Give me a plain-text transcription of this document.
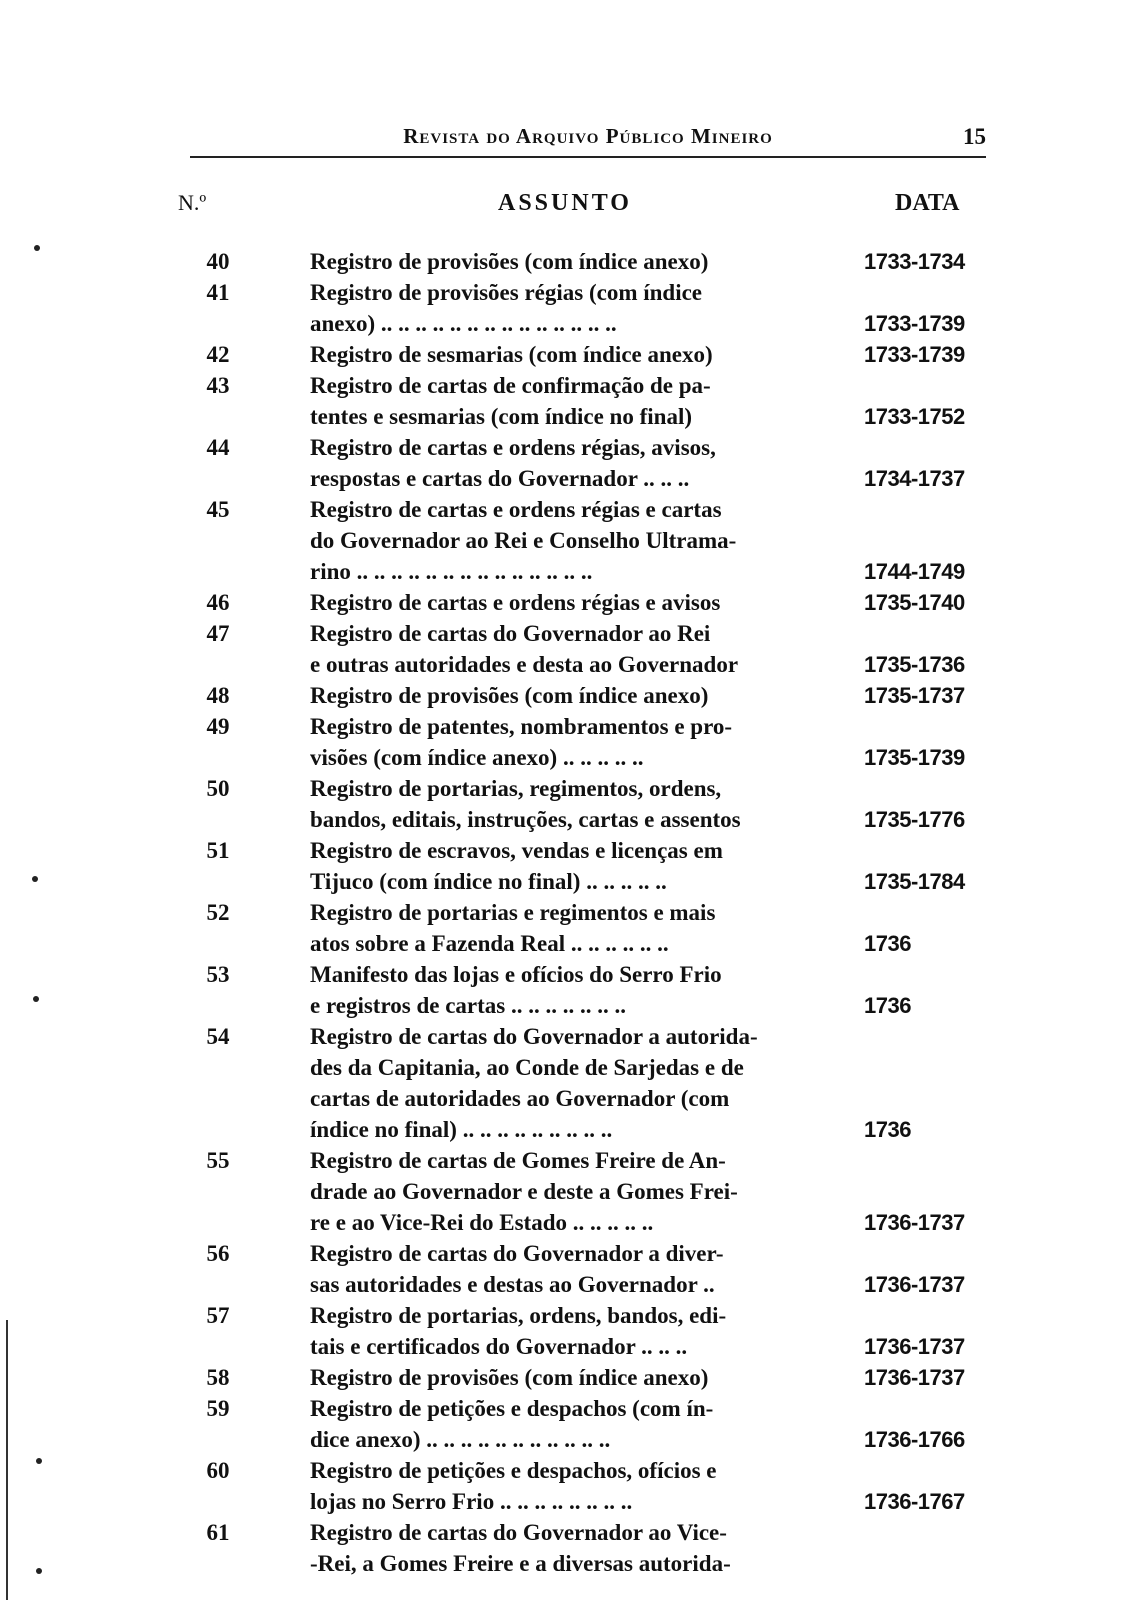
Revista do Arquivo Público Mineiro	15
N.º	ASSUNTO	DATA
40	Registro de provisões (com índice anexo)	1733-1734
41	Registro de provisões régias (com índice
anexo) .. .. .. .. .. .. .. .. .. .. .. .. .. ..	1733-1739
42	Registro de sesmarias (com índice anexo)	1733-1739
43	Registro de cartas de confirmação de pa-
tentes e sesmarias (com índice no final)	1733-1752
44	Registro de cartas e ordens régias, avisos,
respostas e cartas do Governador .. .. ..	1734-1737
45	Registro de cartas e ordens régias e cartas
do Governador ao Rei e Conselho Ultrama-
rino .. .. .. .. .. .. .. .. .. .. .. .. .. ..	1744-1749
46	Registro de cartas e ordens régias e avisos	1735-1740
47	Registro de cartas do Governador ao Rei
e outras autoridades e desta ao Governador	1735-1736
48	Registro de provisões (com índice anexo)	1735-1737
49	Registro de patentes, nombramentos e pro-
visões (com índice anexo) .. .. .. .. ..	1735-1739
50	Registro de portarias, regimentos, ordens,
bandos, editais, instruções, cartas e assentos	1735-1776
51	Registro de escravos, vendas e licenças em
Tijuco (com índice no final) .. .. .. .. ..	1735-1784
52	Registro de portarias e regimentos e mais
atos sobre a Fazenda Real .. .. .. .. .. ..	1736
53	Manifesto das lojas e ofícios do Serro Frio
e registros de cartas .. .. .. .. .. .. ..	1736
54	Registro de cartas do Governador a autorida-
des da Capitania, ao Conde de Sarjedas e de
cartas de autoridades ao Governador (com
índice no final) .. .. .. .. .. .. .. .. ..	1736
55	Registro de cartas de Gomes Freire de An-
drade ao Governador e deste a Gomes Frei-
re e ao Vice-Rei do Estado .. .. .. .. ..	1736-1737
56	Registro de cartas do Governador a diver-
sas autoridades e destas ao Governador ..	1736-1737
57	Registro de portarias, ordens, bandos, edi-
tais e certificados do Governador .. .. ..	1736-1737
58	Registro de provisões (com índice anexo)	1736-1737
59	Registro de petições e despachos (com ín-
dice anexo) .. .. .. .. .. .. .. .. .. .. ..	1736-1766
60	Registro de petições e despachos, ofícios e
lojas no Serro Frio .. .. .. .. .. .. .. ..	1736-1767
61	Registro de cartas do Governador ao Vice-
-Rei, a Gomes Freire e a diversas autorida-
